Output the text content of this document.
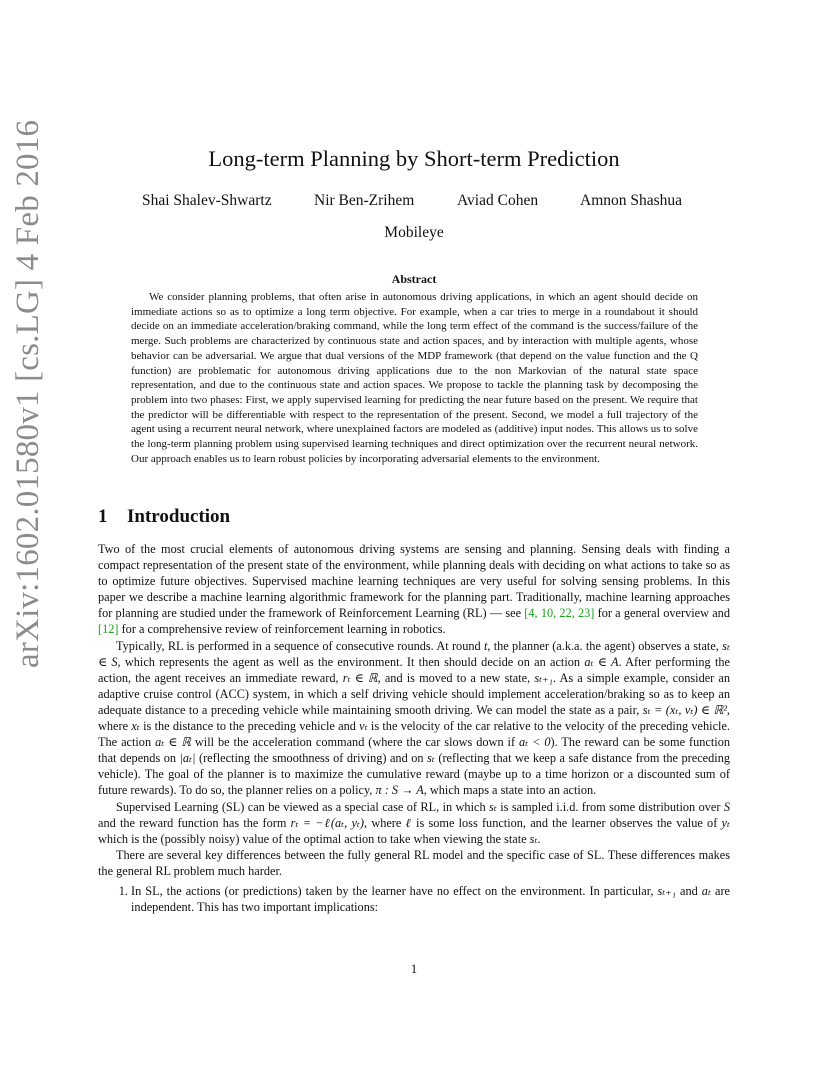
arXiv:1602.01580v1 [cs.LG] 4 Feb 2016	Long-term Planning by Short-term Prediction
Shai Shalev-Shwartz	Nir Ben-Zrihem	Aviad Cohen	Amnon Shashua
Mobileye
Abstract

We consider planning problems, that often arise in autonomous driving applications, in which an agent should decide on immediate actions so as to optimize a long term objective. For example, when a car tries to merge in a roundabout it should decide on an immediate acceleration/braking command, while the long term effect of the command is the success/failure of the merge. Such problems are characterized by continuous state and action spaces, and by interaction with multiple agents, whose behavior can be adversarial. We argue that dual versions of the MDP framework (that depend on the value function and the Q function) are problematic for autonomous driving applications due to the non Markovian of the natural state space representation, and due to the continuous state and action spaces. We propose to tackle the planning task by decomposing the problem into two phases: First, we apply supervised learning for predicting the near future based on the present. We require that the predictor will be differentiable with respect to the representation of the present. Second, we model a full trajectory of the agent using a recurrent neural network, where unexplained factors are modeled as (additive) input nodes. This allows us to solve the long-term planning problem using supervised learning techniques and direct optimization over the recurrent neural network. Our approach enables us to learn robust policies by incorporating adversarial elements to the environment.

1 Introduction

Two of the most crucial elements of autonomous driving systems are sensing and planning. Sensing deals with finding a compact representation of the present state of the environment, while planning deals with deciding on what actions to take so as to optimize future objectives. Supervised machine learning techniques are very useful for solving sensing problems. In this paper we describe a machine learning algorithmic framework for the planning part. Traditionally, machine learning approaches for planning are studied under the framework of Reinforcement Learning (RL) — see [4, 10, 22, 23] for a general overview and [12] for a comprehensive review of reinforcement learning in robotics.

Typically, RL is performed in a sequence of consecutive rounds. At round t, the planner (a.k.a. the agent) observes a state, sₜ ∈ S, which represents the agent as well as the environment. It then should decide on an action aₜ ∈ A. After performing the action, the agent receives an immediate reward, rₜ ∈ ℝ, and is moved to a new state, sₜ₊₁. As a simple example, consider an adaptive cruise control (ACC) system, in which a self driving vehicle should implement acceleration/braking so as to keep an adequate distance to a preceding vehicle while maintaining smooth driving. We can model the state as a pair, sₜ = (xₜ, vₜ) ∈ ℝ², where xₜ is the distance to the preceding vehicle and vₜ is the velocity of the car relative to the velocity of the preceding vehicle. The action aₜ ∈ ℝ will be the acceleration command (where the car slows down if aₜ < 0). The reward can be some function that depends on |aₜ| (reflecting the smoothness of driving) and on sₜ (reflecting that we keep a safe distance from the preceding vehicle). The goal of the planner is to maximize the cumulative reward (maybe up to a time horizon or a discounted sum of future rewards). To do so, the planner relies on a policy, π : S → A, which maps a state into an action.

Supervised Learning (SL) can be viewed as a special case of RL, in which sₜ is sampled i.i.d. from some distribution over S and the reward function has the form rₜ = −ℓ(aₜ, yₜ), where ℓ is some loss function, and the learner observes the value of yₜ which is the (possibly noisy) value of the optimal action to take when viewing the state sₜ.

There are several key differences between the fully general RL model and the specific case of SL. These differences makes the general RL problem much harder.

1. In SL, the actions (or predictions) taken by the learner have no effect on the environment. In particular, sₜ₊₁ and aₜ are independent. This has two important implications:
1
